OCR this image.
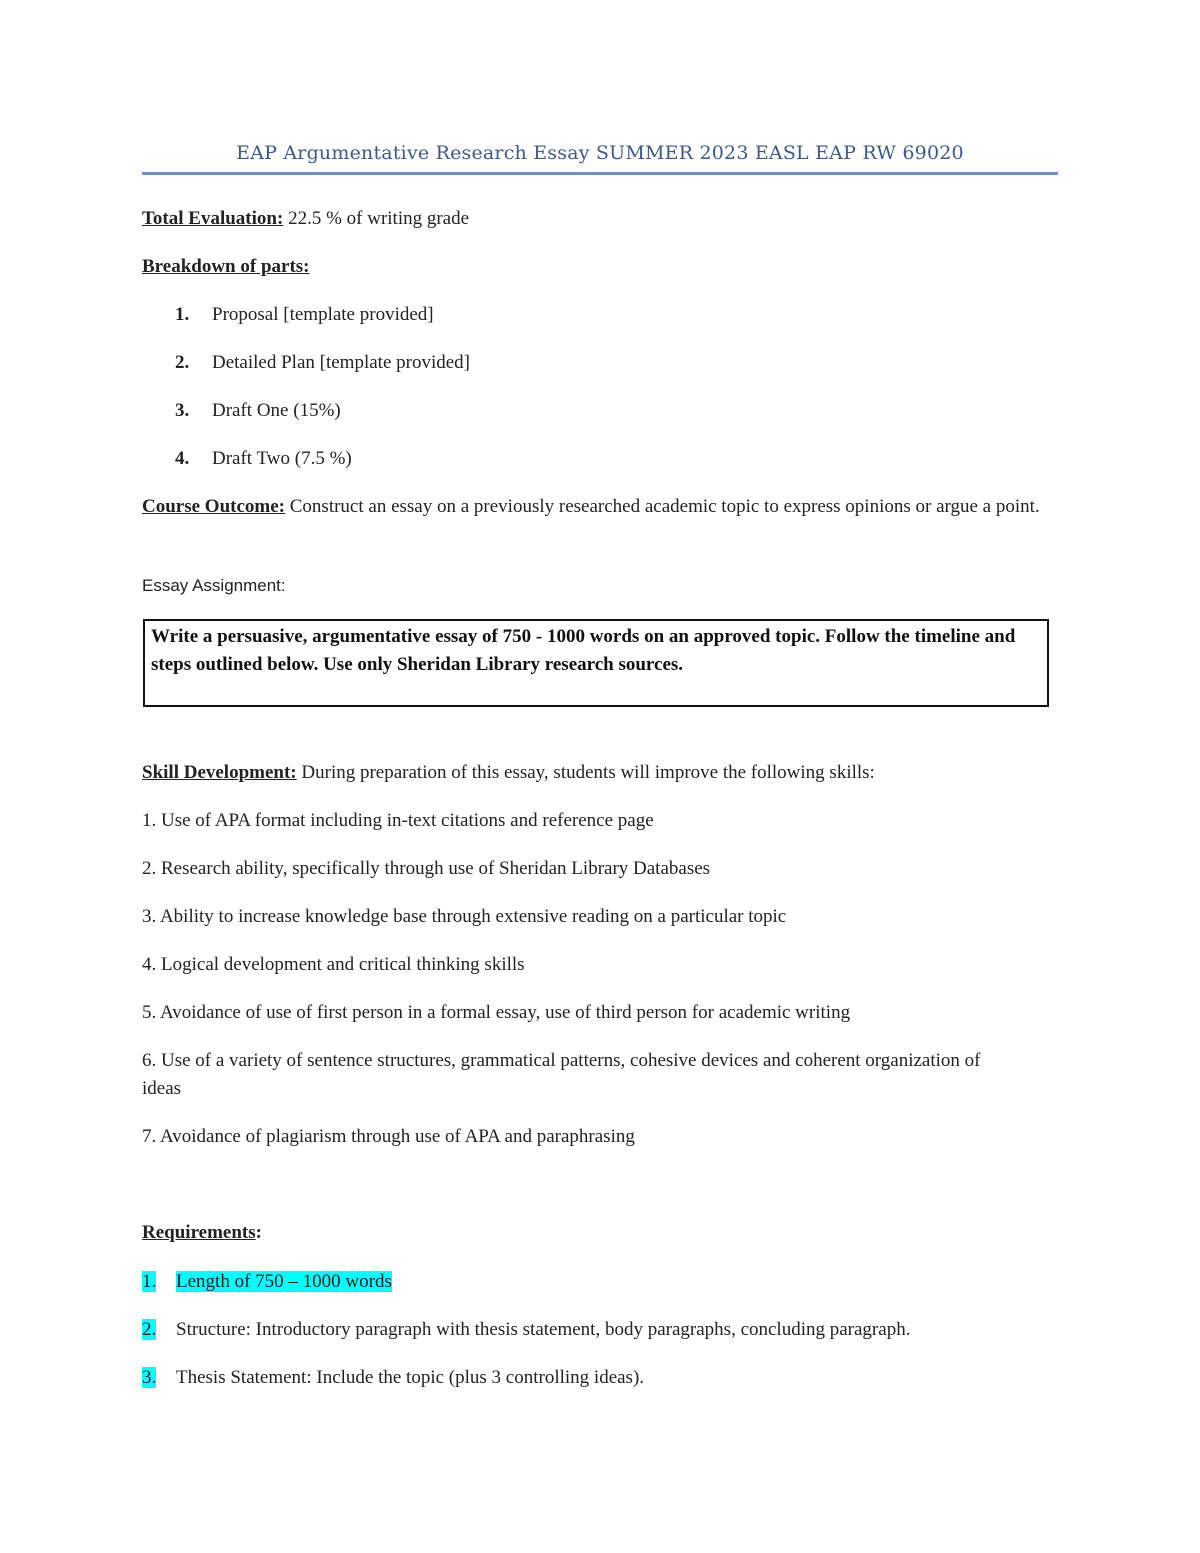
EAP Argumentative Research Essay SUMMER 2023 EASL EAP RW 69020
Total Evaluation: 22.5 % of writing grade
Breakdown of parts:
1. Proposal [template provided]
2. Detailed Plan [template provided]
3. Draft One (15%)
4. Draft Two (7.5 %)
Course Outcome: Construct an essay on a previously researched academic topic to express opinions or argue a point.
Essay Assignment:
Write a persuasive, argumentative essay of 750 - 1000 words on an approved topic. Follow the timeline and steps outlined below. Use only Sheridan Library research sources.
Skill Development: During preparation of this essay, students will improve the following skills:
1. Use of APA format including in-text citations and reference page
2. Research ability, specifically through use of Sheridan Library Databases
3. Ability to increase knowledge base through extensive reading on a particular topic
4. Logical development and critical thinking skills
5. Avoidance of use of first person in a formal essay, use of third person for academic writing
6. Use of a variety of sentence structures, grammatical patterns, cohesive devices and coherent organization of ideas
7. Avoidance of plagiarism through use of APA and paraphrasing
Requirements:
1. Length of 750 – 1000 words
2. Structure: Introductory paragraph with thesis statement, body paragraphs, concluding paragraph.
3. Thesis Statement: Include the topic (plus 3 controlling ideas).
